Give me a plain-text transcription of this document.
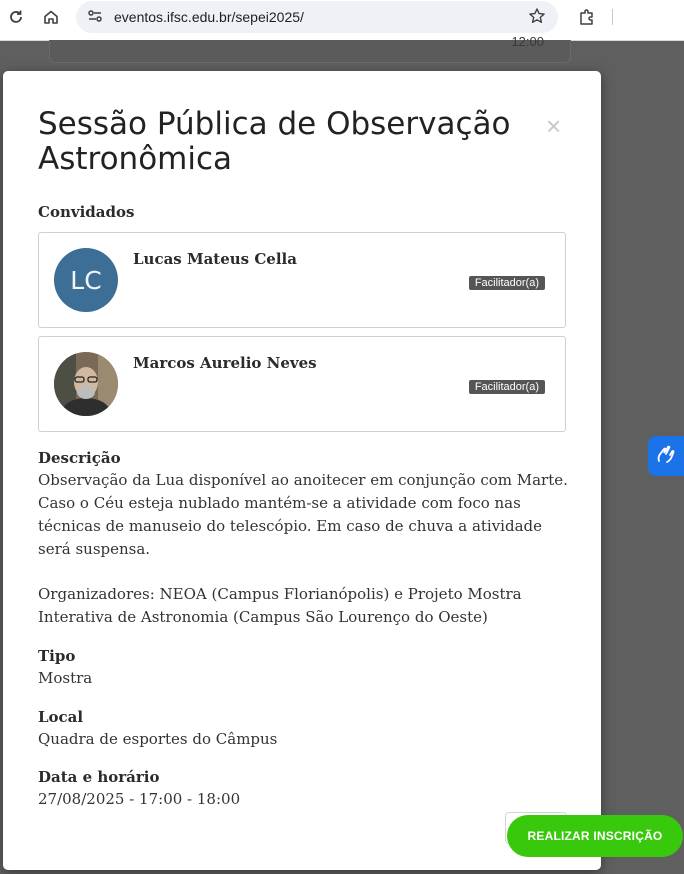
eventos.ifsc.edu.br/sepei2025/
12:00
Sessão Pública de Observação Astronômica
×
Convidados
LC
Lucas Mateus Cella
Facilitador(a)
Marcos Aurelio Neves
Facilitador(a)
Descrição
Observação da Lua disponível ao anoitecer em conjunção com Marte.
Caso o Céu esteja nublado mantém-se a atividade com foco nas
técnicas de manuseio do telescópio. Em caso de chuva a atividade
será suspensa.
Organizadores: NEOA (Campus Florianópolis) e Projeto Mostra
Interativa de Astronomia (Campus São Lourenço do Oeste)
Tipo
Mostra
Local
Quadra de esportes do Câmpus
Data e horário
27/08/2025 - 17:00 - 18:00
REALIZAR INSCRIÇÃO
